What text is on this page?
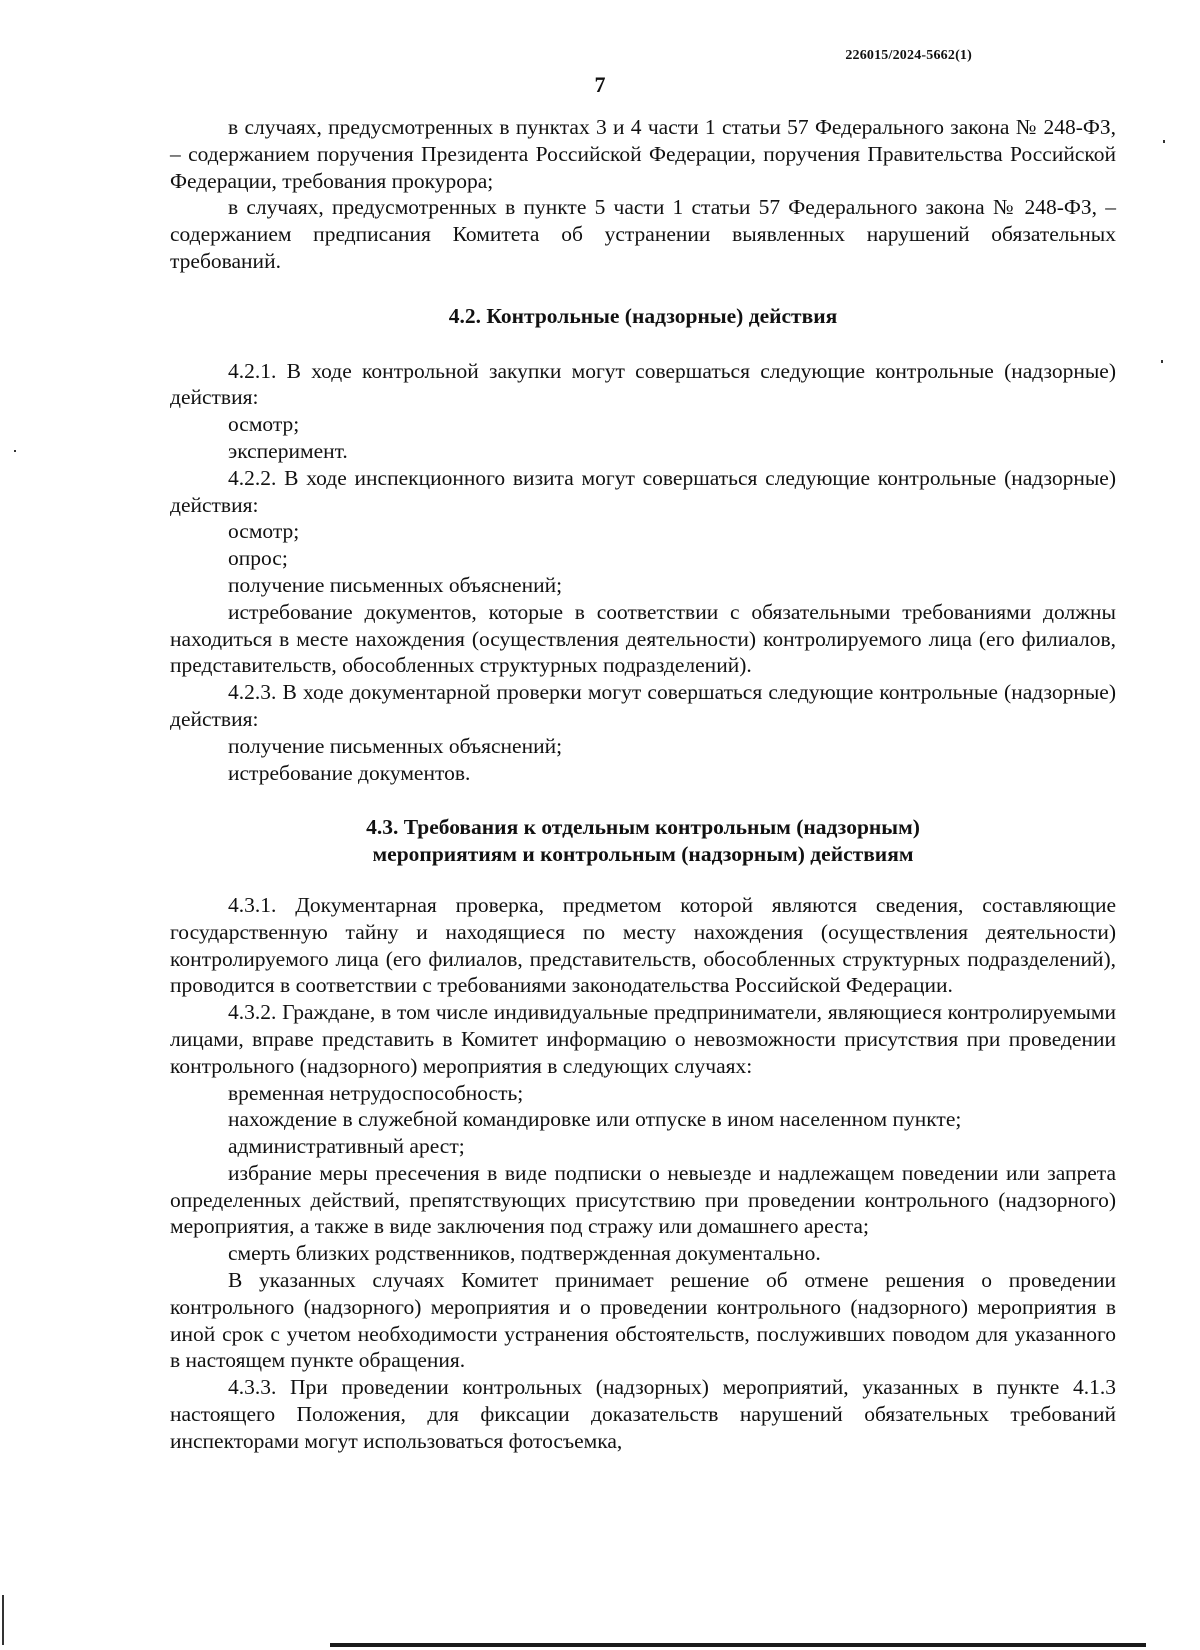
226015/2024-5662(1)
7

в случаях, предусмотренных в пунктах 3 и 4 части 1 статьи 57 Федерального закона № 248-ФЗ, – содержанием поручения Президента Российской Федерации, поручения Правительства Российской Федерации, требования прокурора;

в случаях, предусмотренных в пункте 5 части 1 статьи 57 Федерального закона № 248-ФЗ, – содержанием предписания Комитета об устранении выявленных нарушений обязательных требований.

4.2. Контрольные (надзорные) действия

4.2.1. В ходе контрольной закупки могут совершаться следующие контрольные (надзорные) действия:

осмотр;

эксперимент.

4.2.2. В ходе инспекционного визита могут совершаться следующие контрольные (надзорные) действия:

осмотр;

опрос;

получение письменных объяснений;

истребование документов, которые в соответствии с обязательными требованиями должны находиться в месте нахождения (осуществления деятельности) контролируемого лица (его филиалов, представительств, обособленных структурных подразделений).

4.2.3. В ходе документарной проверки могут совершаться следующие контрольные (надзорные) действия:

получение письменных объяснений;

истребование документов.

4.3. Требования к отдельным контрольным (надзорным)

мероприятиям и контрольным (надзорным) действиям

4.3.1. Документарная проверка, предметом которой являются сведения, составляющие государственную тайну и находящиеся по месту нахождения (осуществления деятельности) контролируемого лица (его филиалов, представительств, обособленных структурных подразделений), проводится в соответствии с требованиями законодательства Российской Федерации.

4.3.2. Граждане, в том числе индивидуальные предприниматели, являющиеся контролируемыми лицами, вправе представить в Комитет информацию о невозможности присутствия при проведении контрольного (надзорного) мероприятия в следующих случаях:

временная нетрудоспособность;

нахождение в служебной командировке или отпуске в ином населенном пункте;

административный арест;

избрание меры пресечения в виде подписки о невыезде и надлежащем поведении или запрета определенных действий, препятствующих присутствию при проведении контрольного (надзорного) мероприятия, а также в виде заключения под стражу или домашнего ареста;

смерть близких родственников, подтвержденная документально.

В указанных случаях Комитет принимает решение об отмене решения о проведении контрольного (надзорного) мероприятия и о проведении контрольного (надзорного) мероприятия в иной срок с учетом необходимости устранения обстоятельств, послуживших поводом для указанного в настоящем пункте обращения.

4.3.3. При проведении контрольных (надзорных) мероприятий, указанных в пункте 4.1.3 настоящего Положения, для фиксации доказательств нарушений обязательных требований инспекторами могут использоваться фотосъемка,
